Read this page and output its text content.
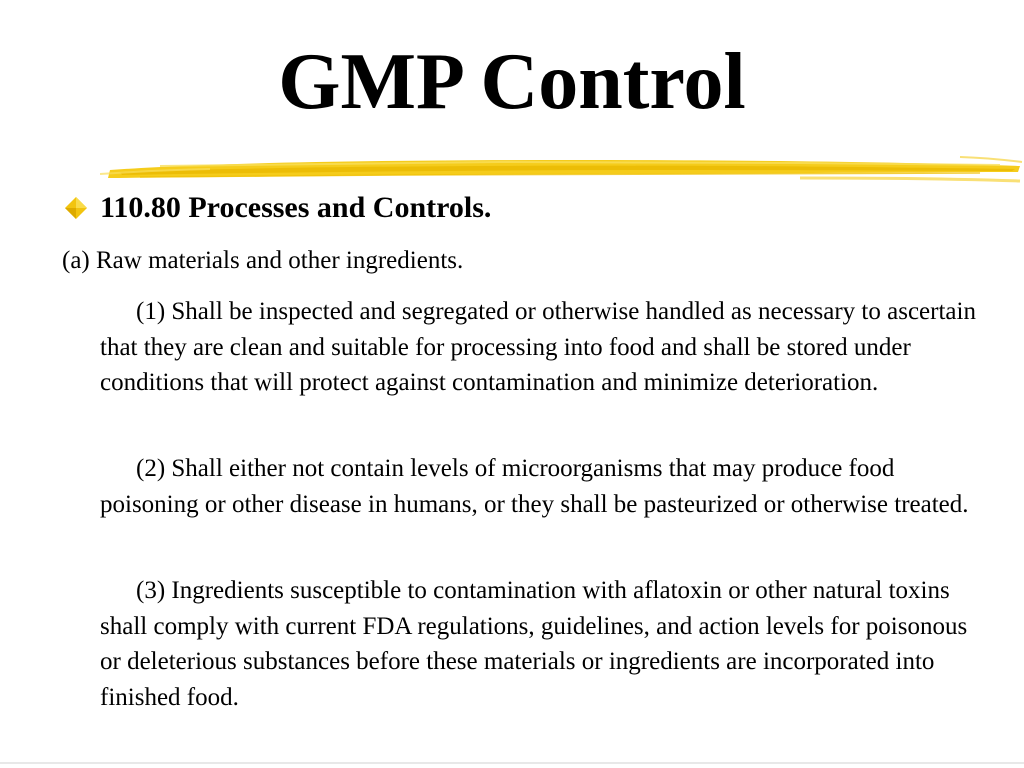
GMP Control
110.80 Processes and Controls.
(a) Raw materials and other ingredients.
(1) Shall be inspected and segregated or otherwise handled as necessary to ascertain that they are clean and suitable for processing into food and shall be stored under conditions that will protect against contamination and minimize deterioration.
(2) Shall either not contain levels of microorganisms that may produce food poisoning or other disease in humans, or they shall be pasteurized or otherwise treated.
(3) Ingredients susceptible to contamination with aflatoxin or other natural toxins shall comply with current FDA regulations, guidelines, and action levels for poisonous or deleterious substances before these materials or ingredients are incorporated into finished food.
